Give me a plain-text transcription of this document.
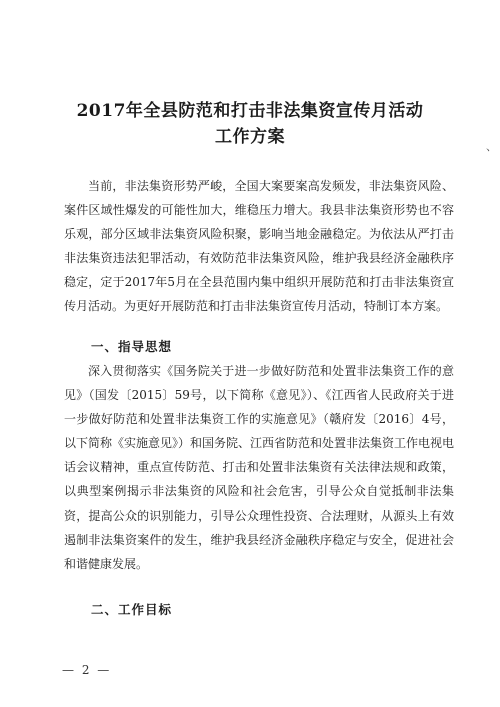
2017年全县防范和打击非法集资宣传月活动
工作方案	、

当前，非法集资形势严峻，全国大案要案高发频发，非法集资风险、案件区域性爆发的可能性加大，维稳压力增大。我县非法集资形势也不容乐观，部分区域非法集资风险积聚，影响当地金融稳定。为依法从严打击非法集资违法犯罪活动，有效防范非法集资风险，维护我县经济金融秩序稳定，定于2017年5月在全县范围内集中组织开展防范和打击非法集资宣传月活动。为更好开展防范和打击非法集资宣传月活动，特制订本方案。

一、指导思想

深入贯彻落实《国务院关于进一步做好防范和处置非法集资工作的意见》（国发〔2015〕59号，以下简称《意见》）、《江西省人民政府关于进一步做好防范和处置非法集资工作的实施意见》（赣府发〔2016〕4号，以下简称《实施意见》）和国务院、江西省防范和处置非法集资工作电视电话会议精神，重点宣传防范、打击和处置非法集资有关法律法规和政策，以典型案例揭示非法集资的风险和社会危害，引导公众自觉抵制非法集资，提高公众的识别能力，引导公众理性投资、合法理财，从源头上有效遏制非法集资案件的发生，维护我县经济金融秩序稳定与安全，促进社会和谐健康发展。

二、工作目标
— 2 —
